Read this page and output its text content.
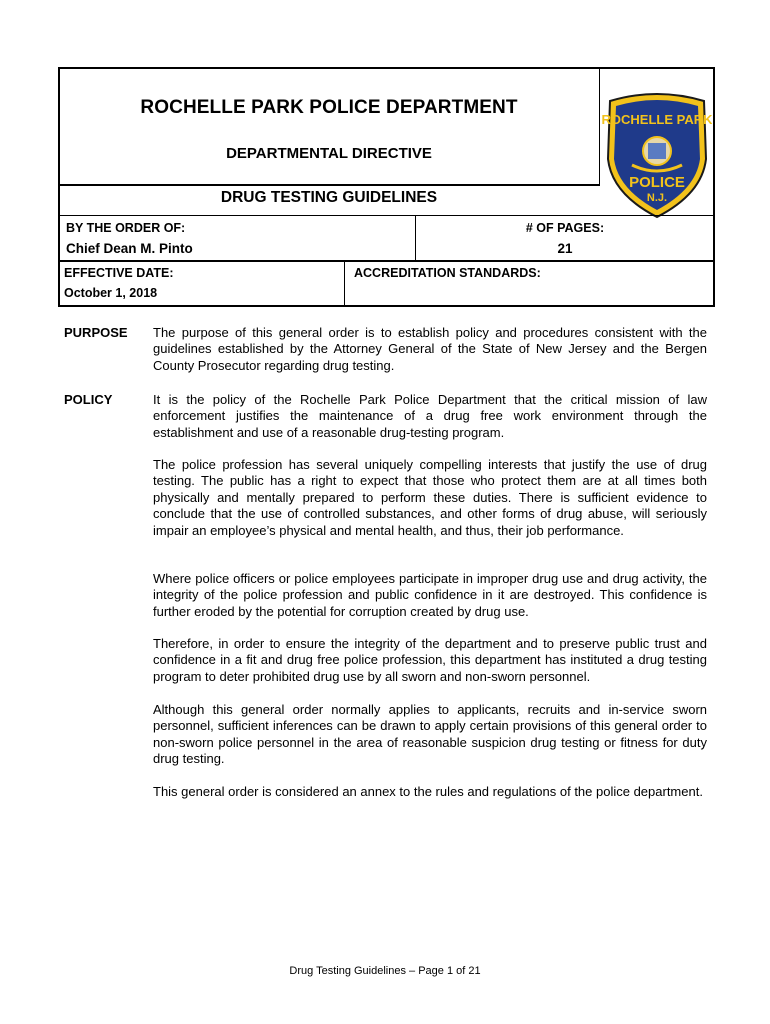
ROCHELLE PARK
POLICE
N.J.
ROCHELLE PARK POLICE DEPARTMENT
DEPARTMENTAL DIRECTIVE
DRUG TESTING GUIDELINES
BY THE ORDER OF:
Chief Dean M. Pinto
# OF PAGES:
21
EFFECTIVE DATE:
October 1, 2018
ACCREDITATION STANDARDS:
PURPOSE The purpose of this general order is to establish policy and procedures consistent with the guidelines established by the Attorney General of the State of New Jersey and the Bergen County Prosecutor regarding drug testing.
POLICY	It is the policy of the Rochelle Park Police Department that the critical mission of law enforcement justifies the maintenance of a drug free work environment through the establishment and use of a reasonable drug-testing program.
The police profession has several uniquely compelling interests that justify the use of drug testing. The public has a right to expect that those who protect them are at all times both physically and mentally prepared to perform these duties. There is sufficient evidence to conclude that the use of controlled substances, and other forms of drug abuse, will seriously impair an employee’s physical and mental health, and thus, their job performance.
Where police officers or police employees participate in improper drug use and drug activity, the integrity of the police profession and public confidence in it are destroyed. This confidence is further eroded by the potential for corruption created by drug use.
Therefore, in order to ensure the integrity of the department and to preserve public trust and confidence in a fit and drug free police profession, this department has instituted a drug testing program to deter prohibited drug use by all sworn and non-sworn personnel.
Although this general order normally applies to applicants, recruits and in-service sworn personnel, sufficient inferences can be drawn to apply certain provisions of this general order to non-sworn police personnel in the area of reasonable suspicion drug testing or fitness for duty drug testing.
This general order is considered an annex to the rules and regulations of the police department.
Drug Testing Guidelines – Page 1 of 21
